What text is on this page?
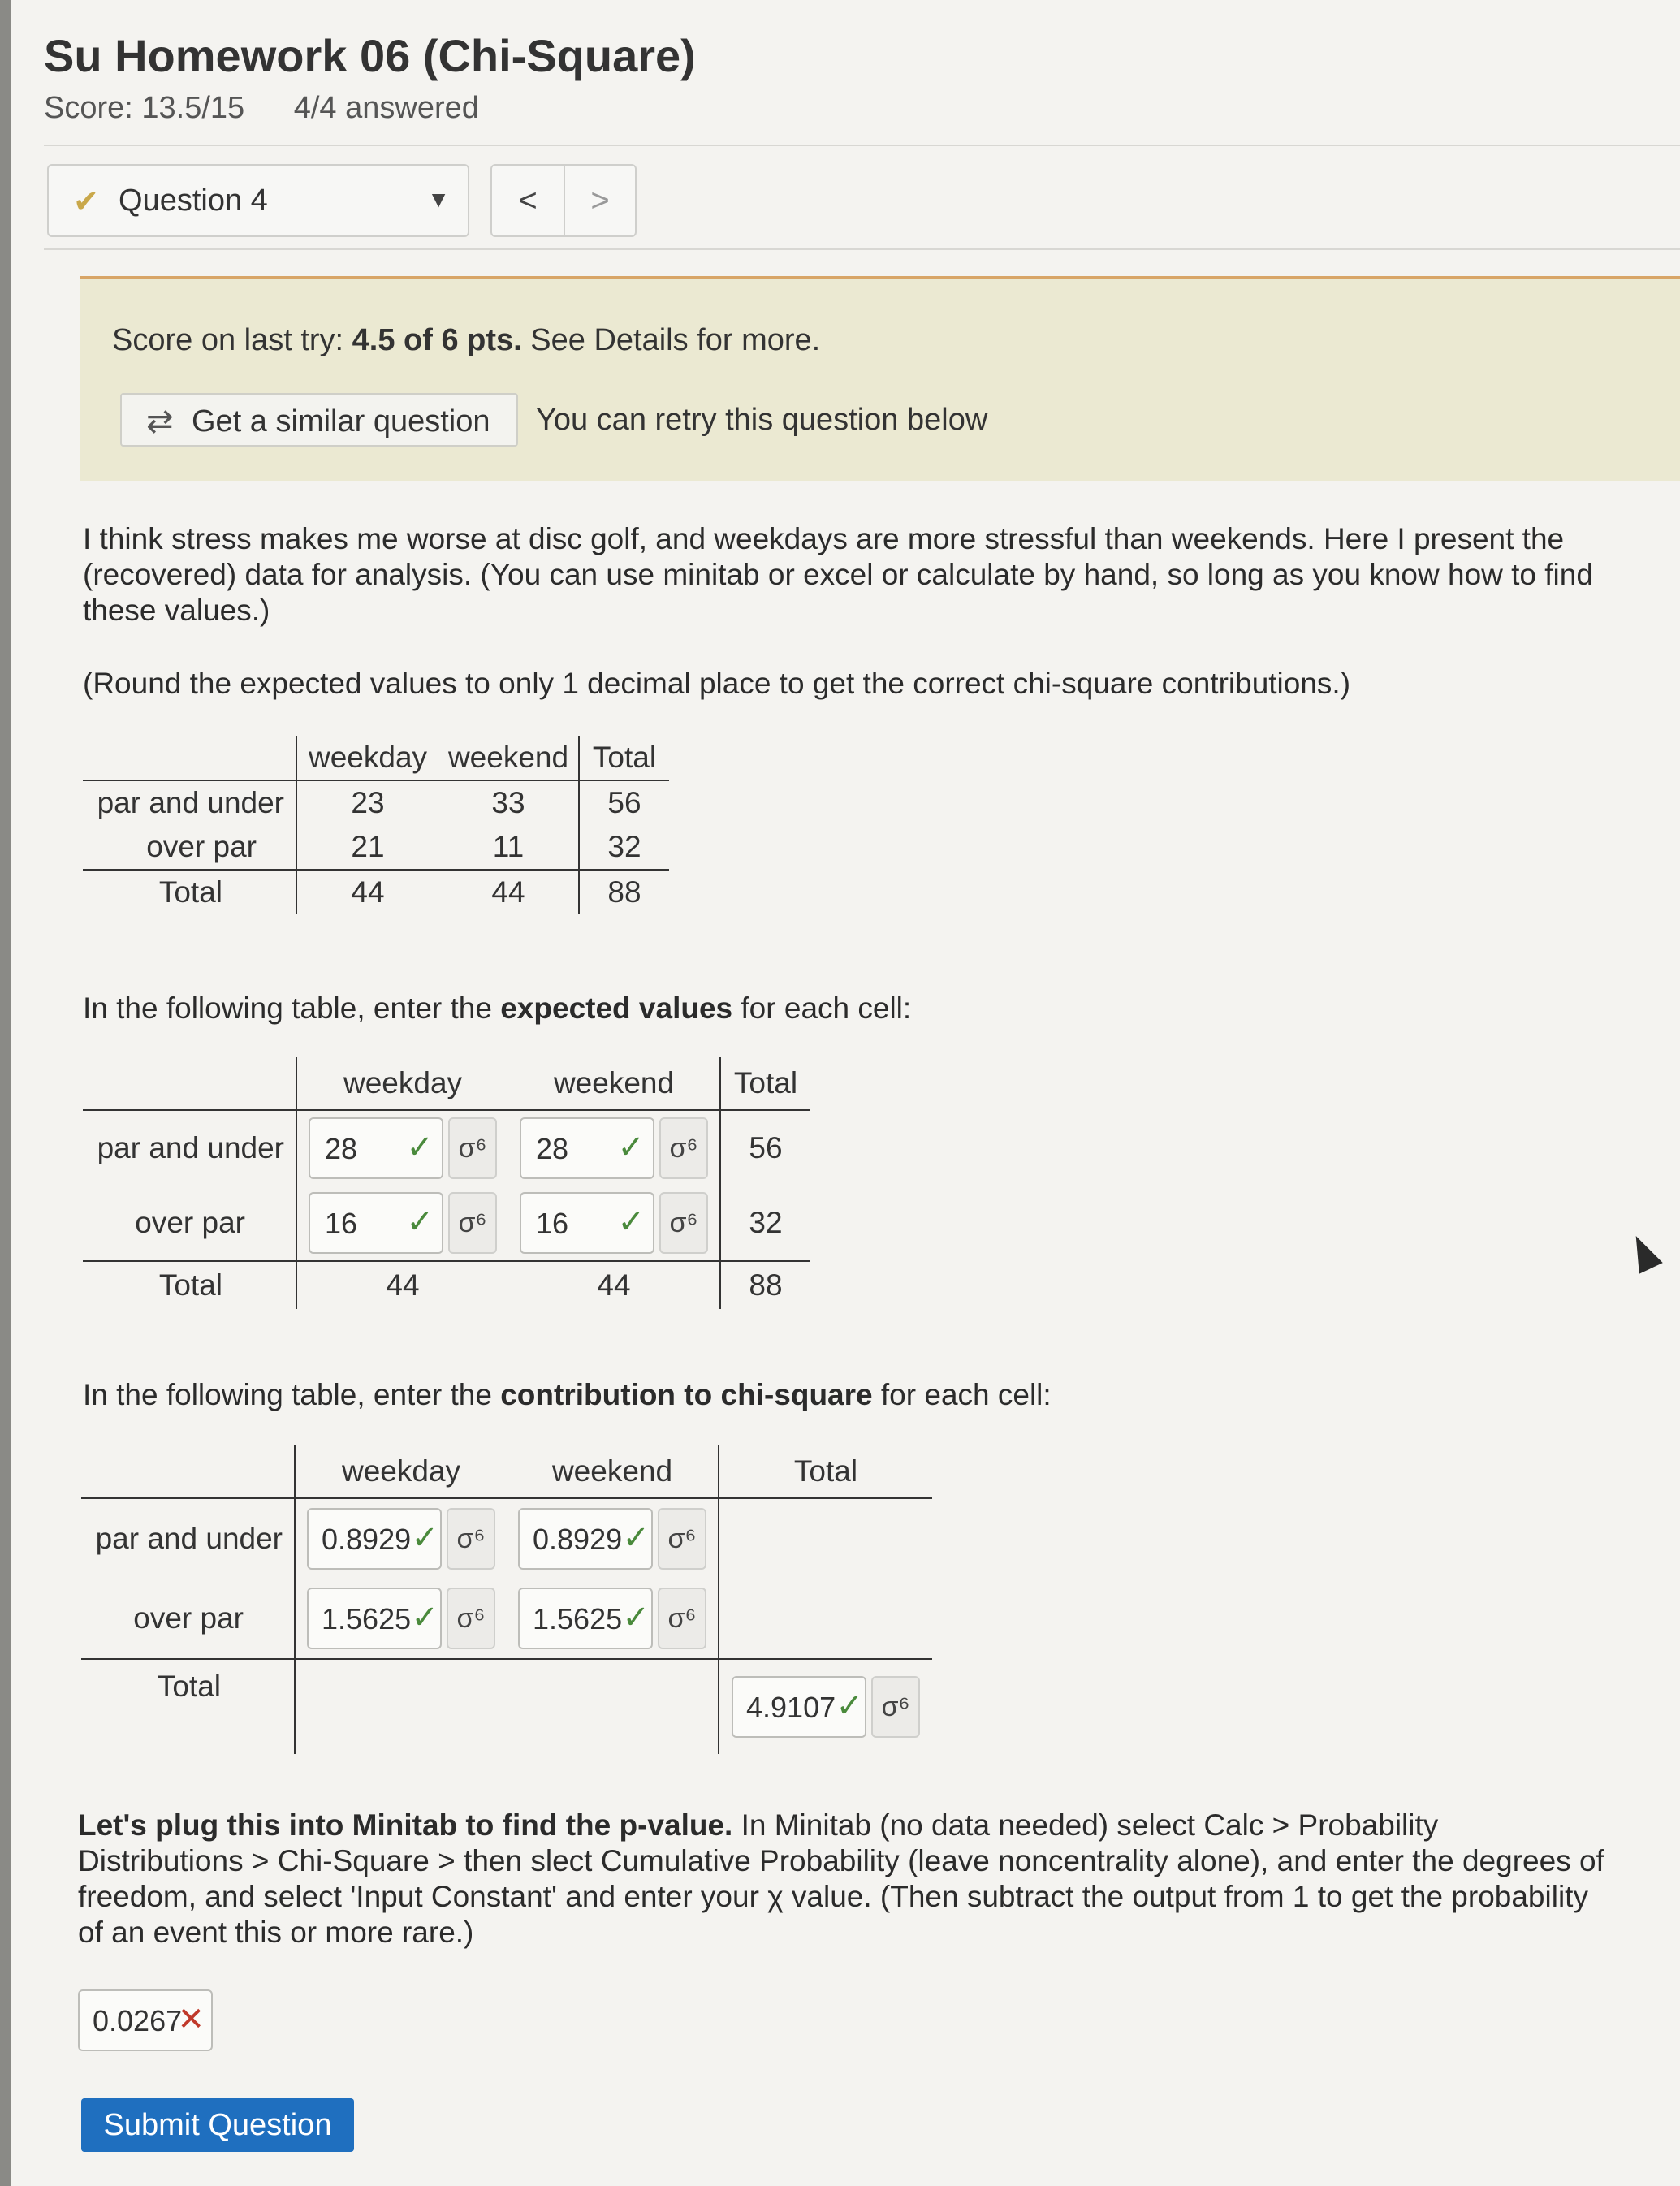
Su Homework 06 (Chi-Square)
Score: 13.5/15 4/4 answered
✔ Question 4	▼	<	>
Score on last try: 4.5 of 6 pts. See Details for more.
⇄ Get a similar question You can retry this question below
I think stress makes me worse at disc golf, and weekdays are more stressful than weekends. Here I present the (recovered) data for analysis. (You can use minitab or excel or calculate by hand, so long as you know how to find these values.)
(Round the expected values to only 1 decimal place to get the correct chi-square contributions.)
	weekday	weekend	Total
par and under	23	33	56
over par	21	11	32
Total	44	44	88
In the following table, enter the expected values for each cell:
	weekday	weekend	Total
par and under	28 ✓ σ⁶	28 ✓ σ⁶	56
over par	16 ✓ σ⁶	16 ✓ σ⁶	32
Total	44	44	88
In the following table, enter the contribution to chi-square for each cell:
	weekday	weekend	Total
par and under	0.8929 ✓ σ⁶	0.8929 ✓ σ⁶	
over par	1.5625 ✓ σ⁶	1.5625 ✓ σ⁶	
Total			4.9107 ✓ σ⁶
Let's plug this into Minitab to find the p-value. In Minitab (no data needed) select Calc > Probability Distributions > Chi-Square > then slect Cumulative Probability (leave noncentrality alone), and enter the degrees of freedom, and select 'Input Constant' and enter your χ value. (Then subtract the output from 1 to get the probability of an event this or more rare.)
0.0267
✕
Submit Question
